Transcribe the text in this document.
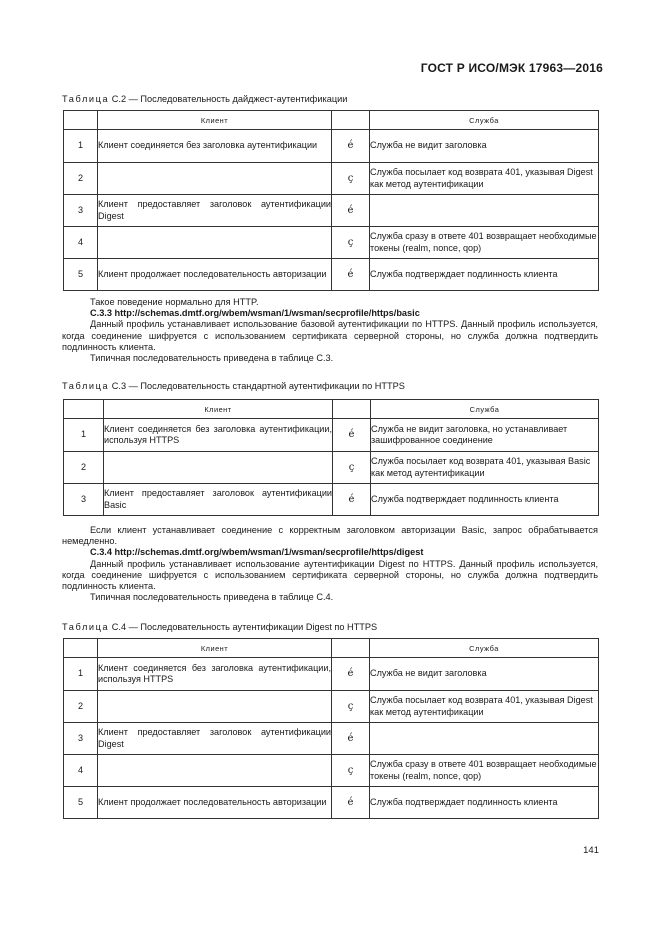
ГОСТ Р ИСО/МЭК 17963—2016
Таблица С.2 — Последовательность дайджест-аутентификации
	Клиент		Служба
1	Клиент соединяется без заголовка аутентификации	é	Служба не видит заголовка
2		ç	Служба посылает код возврата 401, указывая Digest как метод аутентификации
3	Клиент предоставляет заголовок аутентификации Digest	é	
4		ç	Служба сразу в ответе 401 возвращает необходимые токены (realm, nonce, qop)
5	Клиент продолжает последовательность авторизации	é	Служба подтверждает подлинность клиента

Такое поведение нормально для HTTP.

С.3.3 http://schemas.dmtf.org/wbem/wsman/1/wsman/secprofile/https/basic

Данный профиль устанавливает использование базовой аутентификации по HTTPS. Данный профиль используется, когда соединение шифруется с использованием сертификата серверной стороны, но служба должна подтвердить подлинность клиента.

Типичная последовательность приведена в таблице С.3.

Таблица С.3 — Последовательность стандартной аутентификации по HTTPS
	Клиент		Служба
1	Клиент соединяется без заголовка аутентификации, используя HTTPS	é	Служба не видит заголовка, но устанавливает зашифрованное соединение
2		ç	Служба посылает код возврата 401, указывая Basic как метод аутентификации
3	Клиент предоставляет заголовок аутентификации Basic	é	Служба подтверждает подлинность клиента

Если клиент устанавливает соединение с корректным заголовком авторизации Basic, запрос обрабатывается немедленно.

С.3.4 http://schemas.dmtf.org/wbem/wsman/1/wsman/secprofile/https/digest

Данный профиль устанавливает использование аутентификации Digest по HTTPS. Данный профиль используется, когда соединение шифруется с использованием сертификата серверной стороны, но служба должна подтвердить подлинность клиента.

Типичная последовательность приведена в таблице С.4.

Таблица С.4 — Последовательность аутентификации Digest по HTTPS
	Клиент		Служба
1	Клиент соединяется без заголовка аутентификации, используя HTTPS	é	Служба не видит заголовка
2		ç	Служба посылает код возврата 401, указывая Digest как метод аутентификации
3	Клиент предоставляет заголовок аутентификации Digest	é	
4		ç	Служба сразу в ответе 401 возвращает необходимые токены (realm, nonce, qop)
5	Клиент продолжает последовательность авторизации	é	Служба подтверждает подлинность клиента
141
